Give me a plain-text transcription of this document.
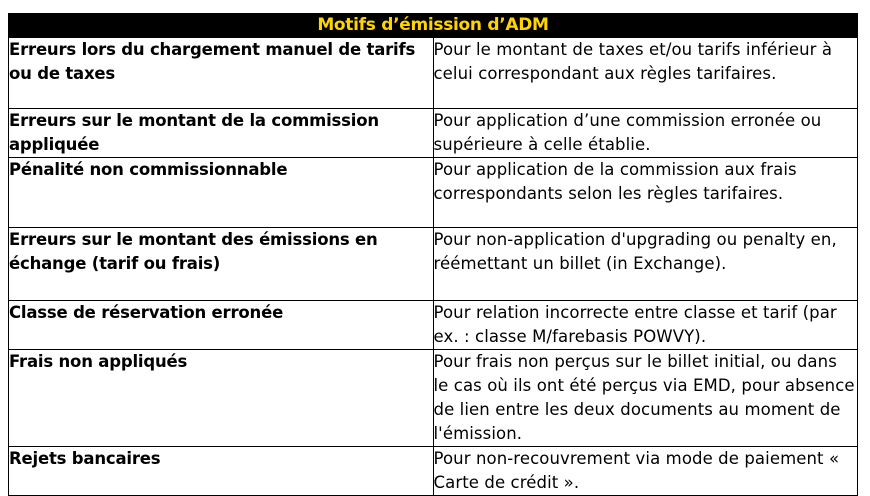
Motifs d’émission d’ADM	

Erreurs lors du chargement manuel de tarifs ou de taxes	Pour le montant de taxes et/ou tarifs inférieur à celui correspondant aux règles tarifaires.

Erreurs sur le montant de la commission appliquée	Pour application d’une commission erronée ou supérieure à celle établie.

Pénalité non commissionnable	Pour application de la commission aux frais correspondants selon les règles tarifaires.

Erreurs sur le montant des émissions en échange (tarif ou frais)	Pour non-application d'upgrading ou penalty en, réémettant un billet (in Exchange).

Classe de réservation erronée	Pour relation incorrecte entre classe et tarif (par ex. : classe M/farebasis POWVY).

Frais non appliqués	Pour frais non perçus sur le billet initial, ou dans le cas où ils ont été perçus via EMD, pour absence de lien entre les deux documents au moment de l'émission.

Rejets bancaires	Pour non-recouvrement via mode de paiement « Carte de crédit ».
